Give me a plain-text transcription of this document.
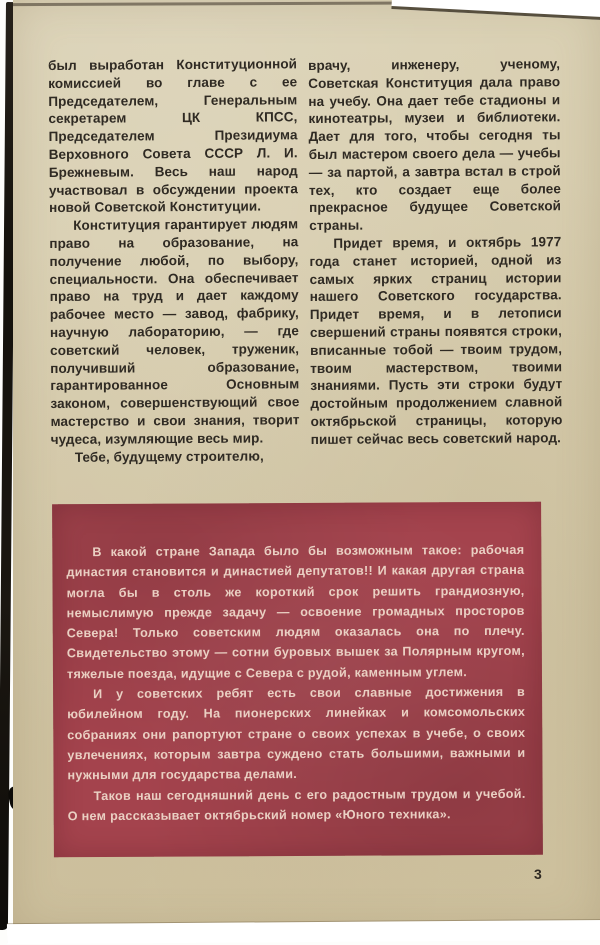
был выработан Конституционной комиссией во главе с ее Председателем, Генеральным секретарем ЦК КПСС, Председателем Президиума Верховного Совета СССР Л. И. Брежневым. Весь наш народ участвовал в обсуждении проекта новой Советской Конституции.

Конституция гарантирует людям право на образование, на получение любой, по выбору, специальности. Она обеспечивает право на труд и дает каждому рабочее место — завод, фабрику, научную лабораторию, — где советский человек, труженик, получивший образование, гарантированное Основным законом, совершенствующий свое мастерство и свои знания, творит чудеса, изумляющие весь мир.

Тебе, будущему строителю,

врачу, инженеру, ученому, Советская Конституция дала право на учебу. Она дает тебе стадионы и кинотеатры, музеи и библиотеки. Дает для того, чтобы сегодня ты был мастером своего дела — учебы — за партой, а завтра встал в строй тех, кто создает еще более прекрасное будущее Советской страны.

Придет время, и октябрь 1977 года станет историей, одной из самых ярких страниц истории нашего Советского государства. Придет время, и в летописи свершений страны появятся строки, вписанные тобой — твоим трудом, твоим мастерством, твоими знаниями. Пусть эти строки будут достойным продолжением славной октябрьской страницы, которую пишет сейчас весь советский народ.

В какой стране Запада было бы возможным такое: рабочая династия становится и династией депутатов!! И какая другая страна могла бы в столь же короткий срок решить грандиозную, немыслимую прежде задачу — освоение громадных просторов Севера! Только советским людям оказалась она по плечу. Свидетельство этому — сотни буровых вышек за Полярным кругом, тяжелые поезда, идущие с Севера с рудой, каменным углем.

И у советских ребят есть свои славные достижения в юбилейном году. На пионерских линейках и комсомольских собраниях они рапортуют стране о своих успехах в учебе, о своих увлечениях, которым завтра суждено стать большими, важными и нужными для государства делами.

Таков наш сегодняшний день с его радостным трудом и учебой. О нем рассказывает октябрьский номер «Юного техника».

3
